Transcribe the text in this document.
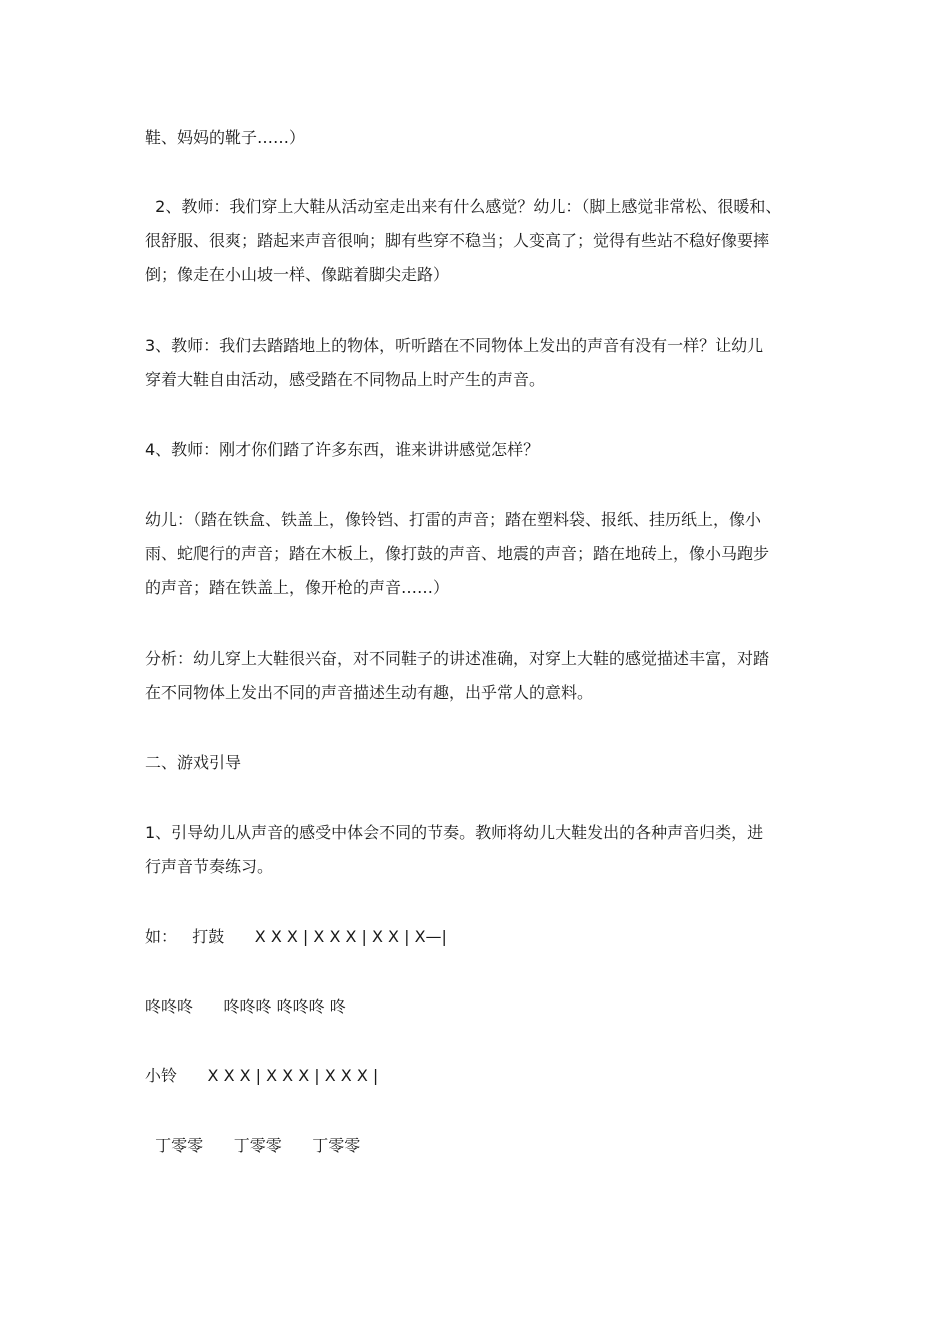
鞋、妈妈的靴子……）
2、教师：我们穿上大鞋从活动室走出来有什么感觉？幼儿：（脚上感觉非常松、很暖和、
很舒服、很爽；踏起来声音很响；脚有些穿不稳当；人变高了；觉得有些站不稳好像要摔
倒；像走在小山坡一样、像踮着脚尖走路）
3、教师：我们去踏踏地上的物体，听听踏在不同物体上发出的声音有没有一样？让幼儿
穿着大鞋自由活动，感受踏在不同物品上时产生的声音。
4、教师：刚才你们踏了许多东西，谁来讲讲感觉怎样？
幼儿：（踏在铁盒、铁盖上，像铃铛、打雷的声音；踏在塑料袋、报纸、挂历纸上，像小
雨、蛇爬行的声音；踏在木板上，像打鼓的声音、地震的声音；踏在地砖上，像小马跑步
的声音；踏在铁盖上，像开枪的声音……）
分析：幼儿穿上大鞋很兴奋，对不同鞋子的讲述准确，对穿上大鞋的感觉描述丰富，对踏
在不同物体上发出不同的声音描述生动有趣，出乎常人的意料。
二、游戏引导
1、引导幼儿从声音的感受中体会不同的节奏。教师将幼儿大鞋发出的各种声音归类，进
行声音节奏练习。
如：   打鼓      X X X | X X X | X X | X—|
咚咚咚      咚咚咚 咚咚咚 咚
小铃      X X X | X X X | X X X |
丁零零      丁零零      丁零零
